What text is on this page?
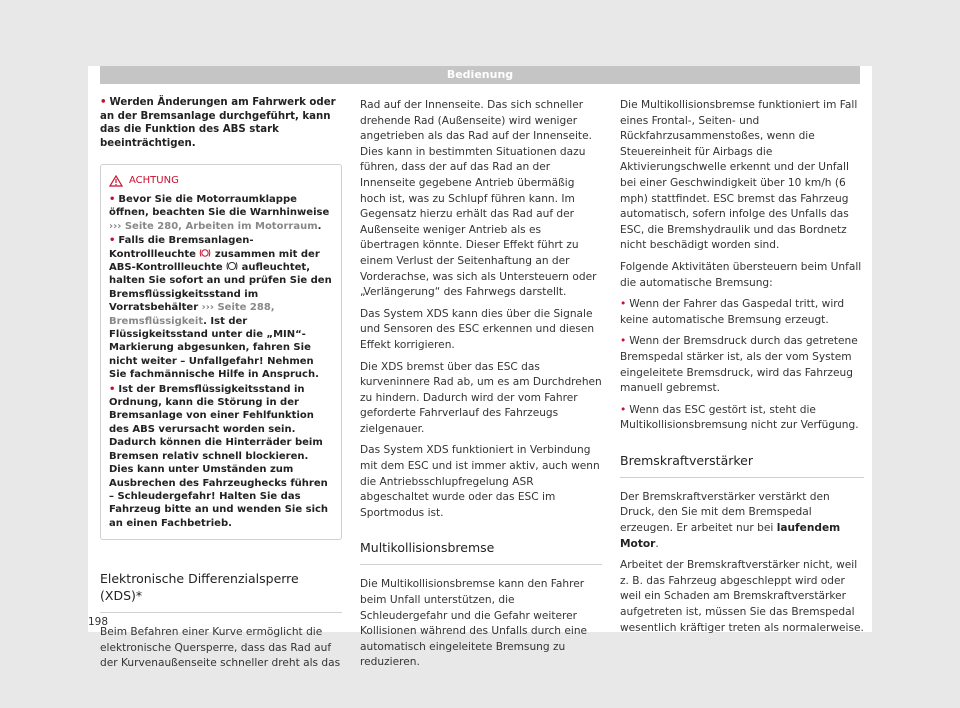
Bedienung
• Werden Änderungen am Fahrwerk oder an der Bremsanlage durchgeführt, kann das die Funktion des ABS stark beeinträchtigen.
ACHTUNG

• Bevor Sie die Motorraumklappe öffnen, beachten Sie die Warnhinweise ››› Seite 280, Arbeiten im Motorraum.

• Falls die Bremsanlagen-Kontrollleuchte zusammen mit der ABS-Kontrollleuchte aufleuchtet, halten Sie sofort an und prüfen Sie den Bremsflüssigkeitsstand im Vorratsbehälter ››› Seite 288, Bremsflüssigkeit. Ist der Flüssigkeitsstand unter die „MIN“-Markierung abgesunken, fahren Sie nicht weiter – Unfallgefahr! Nehmen Sie fachmännische Hilfe in Anspruch.

• Ist der Bremsflüssigkeitsstand in Ordnung, kann die Störung in der Bremsanlage von einer Fehlfunktion des ABS verursacht worden sein. Dadurch können die Hinterräder beim Bremsen relativ schnell blockieren. Dies kann unter Umständen zum Ausbrechen des Fahrzeughecks führen – Schleudergefahr! Halten Sie das Fahrzeug bitte an und wenden Sie sich an einen Fachbetrieb.

Elektronische Differenzialsperre (XDS)*

Beim Befahren einer Kurve ermöglicht die elektronische Quersperre, dass das Rad auf der Kurvenaußenseite schneller dreht als das

Rad auf der Innenseite. Das sich schneller drehende Rad (Außenseite) wird weniger angetrieben als das Rad auf der Innenseite. Dies kann in bestimmten Situationen dazu führen, dass der auf das Rad an der Innenseite gegebene Antrieb übermäßig hoch ist, was zu Schlupf führen kann. Im Gegensatz hierzu erhält das Rad auf der Außenseite weniger Antrieb als es übertragen könnte. Dieser Effekt führt zu einem Verlust der Seitenhaftung an der Vorderachse, was sich als Untersteuern oder „Verlängerung“ des Fahrwegs darstellt.

Das System XDS kann dies über die Signale und Sensoren des ESC erkennen und diesen Effekt korrigieren.

Die XDS bremst über das ESC das kurveninnere Rad ab, um es am Durchdrehen zu hindern. Dadurch wird der vom Fahrer geforderte Fahrverlauf des Fahrzeugs zielgenauer.

Das System XDS funktioniert in Verbindung mit dem ESC und ist immer aktiv, auch wenn die Antriebsschlupfregelung ASR abgeschaltet wurde oder das ESC im Sportmodus ist.

Multikollisionsbremse

Die Multikollisionsbremse kann den Fahrer beim Unfall unterstützen, die Schleudergefahr und die Gefahr weiterer Kollisionen während des Unfalls durch eine automatisch eingeleitete Bremsung zu reduzieren.

Die Multikollisionsbremse funktioniert im Fall eines Frontal-, Seiten- und Rückfahrzusammenstoßes, wenn die Steuereinheit für Airbags die Aktivierungschwelle erkennt und der Unfall bei einer Geschwindigkeit über 10 km/h (6 mph) stattfindet. ESC bremst das Fahrzeug automatisch, sofern infolge des Unfalls das ESC, die Bremshydraulik und das Bordnetz nicht beschädigt worden sind.

Folgende Aktivitäten übersteuern beim Unfall die automatische Bremsung:

• Wenn der Fahrer das Gaspedal tritt, wird keine automatische Bremsung erzeugt.

• Wenn der Bremsdruck durch das getretene Bremspedal stärker ist, als der vom System eingeleitete Bremsdruck, wird das Fahrzeug manuell gebremst.

• Wenn das ESC gestört ist, steht die Multikollisionsbremsung nicht zur Verfügung.

Bremskraftverstärker

Der Bremskraftverstärker verstärkt den Druck, den Sie mit dem Bremspedal erzeugen. Er arbeitet nur bei laufendem Motor.

Arbeitet der Bremskraftverstärker nicht, weil z. B. das Fahrzeug abgeschleppt wird oder weil ein Schaden am Bremskraftverstärker aufgetreten ist, müssen Sie das Bremspedal wesentlich kräftiger treten als normalerweise.

198
